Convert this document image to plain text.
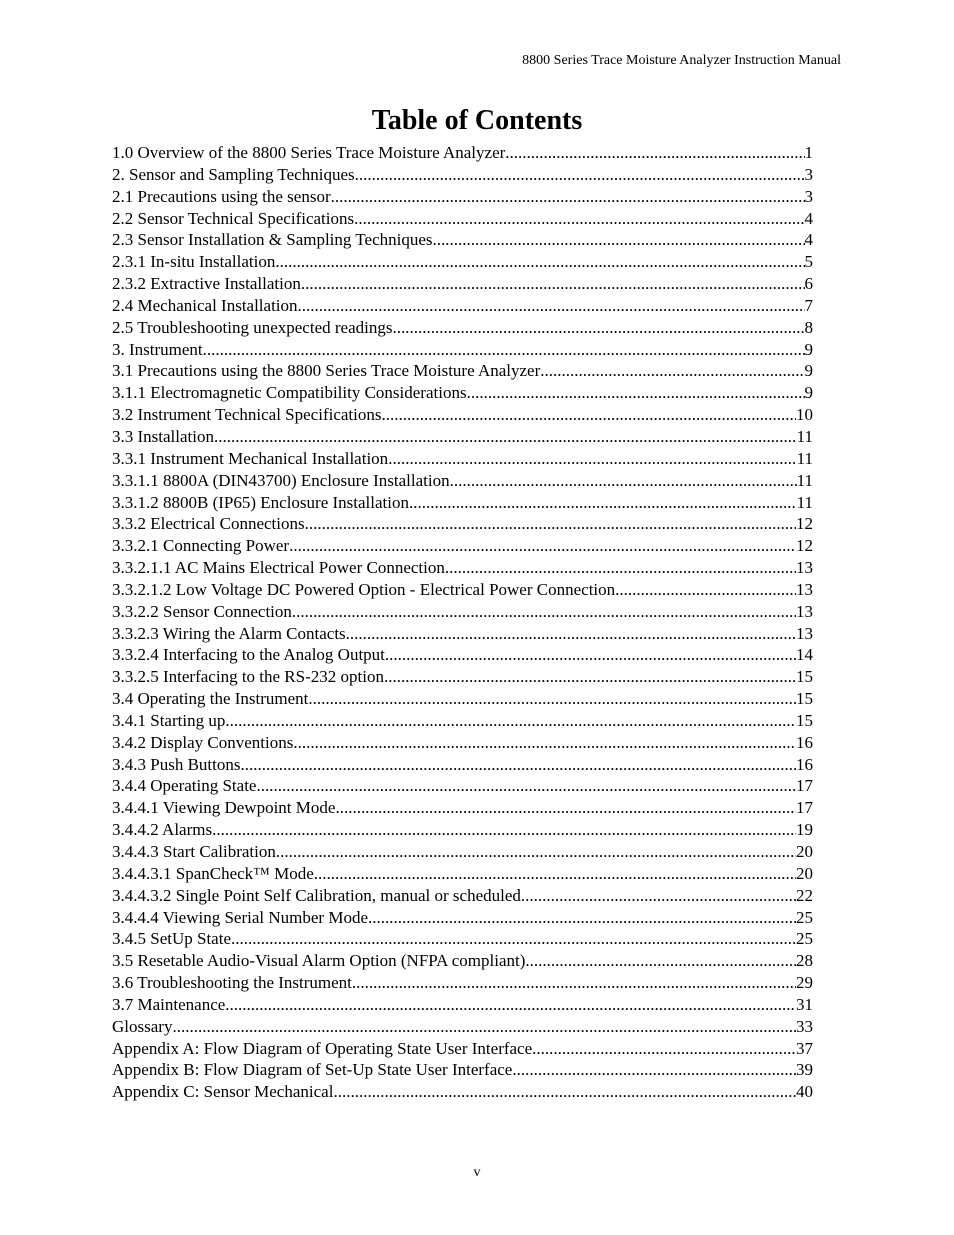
8800 Series Trace Moisture Analyzer Instruction Manual
Table of Contents
1.0 Overview of the 8800 Series Trace Moisture Analyzer .....	1
2. Sensor and Sampling Techniques .....	3
2.1 Precautions using the sensor .....	3
2.2 Sensor Technical Specifications .....	4
2.3 Sensor Installation & Sampling Techniques .....	4
2.3.1 In-situ Installation .....	5
2.3.2 Extractive Installation .....	6
2.4 Mechanical Installation .....	7
2.5 Troubleshooting unexpected readings .....	8
3. Instrument .....	9
3.1 Precautions using the 8800 Series Trace Moisture Analyzer .....	9
3.1.1 Electromagnetic Compatibility Considerations .....	9
3.2 Instrument Technical Specifications .....	10
3.3 Installation .....	11
3.3.1 Instrument Mechanical Installation .....	11
3.3.1.1 8800A (DIN43700) Enclosure Installation .....	11
3.3.1.2 8800B (IP65) Enclosure Installation .....	11
3.3.2 Electrical Connections .....	12
3.3.2.1 Connecting Power .....	12
3.3.2.1.1 AC Mains Electrical Power Connection .....	13
3.3.2.1.2 Low Voltage DC Powered Option - Electrical Power Connection .....	13
3.3.2.2 Sensor Connection .....	13
3.3.2.3 Wiring the Alarm Contacts .....	13
3.3.2.4 Interfacing to the Analog Output .....	14
3.3.2.5 Interfacing to the RS-232 option .....	15
3.4 Operating the Instrument .....	15
3.4.1 Starting up .....	15
3.4.2 Display Conventions .....	16
3.4.3 Push Buttons .....	16
3.4.4 Operating State .....	17
3.4.4.1 Viewing Dewpoint Mode .....	17
3.4.4.2 Alarms .....	19
3.4.4.3 Start Calibration .....	20
3.4.4.3.1 SpanCheck™ Mode .....	20
3.4.4.3.2 Single Point Self Calibration, manual or scheduled .....	22
3.4.4.4 Viewing Serial Number Mode .....	25
3.4.5 SetUp State .....	25
3.5 Resetable Audio-Visual Alarm Option (NFPA compliant) .....	28
3.6 Troubleshooting the Instrument .....	29
3.7 Maintenance .....	31
Glossary .....	33
Appendix A: Flow Diagram of Operating State User Interface .....	37
Appendix B: Flow Diagram of Set-Up State User Interface .....	39
Appendix C: Sensor Mechanical .....	40
v
